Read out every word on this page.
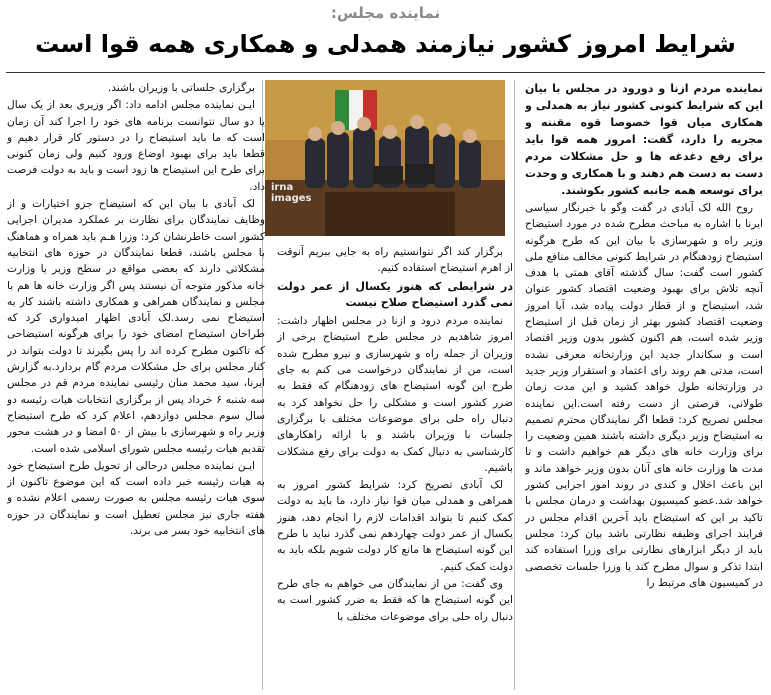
نماینده مجلس:
شرایط امروز کشور نیازمند همدلی و همکاری همه قوا است

نماینده مردم ازنا و دورود در مجلس با بیان این که شرایط کنونی کشور نیاز به همدلی و همکاری میان قوا خصوصا قوه مقننه و مجریه را دارد، گفت: امروز همه قوا باید برای رفع دغدغه ها و حل مشکلات مردم دست به دست هم دهند و با همکاری و وحدت برای توسعه همه جانبه کشور بکوشند.

روح الله لک آبادی در گفت وگو با خبرنگار سیاسی ایرنا با اشاره به مباحث مطرح شده در مورد استیضاح وزیر راه و شهرسازی با بیان این که طرح هرگونه استیضاح زودهنگام در شرایط کنونی مخالف منافع ملی کشور است گفت: سال گذشته آقای همتی با هدف آنچه تلاش برای بهبود وضعیت اقتصاد کشور عنوان شد، استیضاح و از قطار دولت پیاده شد، آیا امروز وضعیت اقتصاد کشور بهتر از زمان قبل از استیضاح وزیر شده است، هم اکنون کشور بدون وزیر اقتصاد است و سکاندار جدید این وزارتخانه معرفی نشده است، مدتی هم روند رای اعتماد و استقرار وزیر جدید در وزارتخانه طول خواهد کشید و این مدت زمان طولانی، فرصتی از دست رفته است.این نماینده مجلس تصریح کرد: قطعا اگر نمایندگان محترم تصمیم به استیضاح وزیر دیگری داشته باشند همین وضعیت را برای وزارت خانه های دیگر هم خواهیم داشت و تا مدت ها وزارت خانه های آنان بدون وزیر خواهد ماند و این باعث اخلال و کندی در روند امور اجرایی کشور خواهد شد.عضو کمیسیون بهداشت و درمان مجلس با تاکید بر این که استیضاح باید آخرین اقدام مجلس در فرایند اجرای وظیفه نظارتی باشد بیان کرد: مجلس باید از دیگر ابزارهای نظارتی برای وزرا استفاده کند ابتدا تذکر و سوال مطرح کند یا وزرا جلسات تخصصی در کمیسیون های مرتبط را

irna
images

برگزار کند اگر نتوانستیم راه به جایی ببریم آنوقت از اهرم استیضاح استفاده کنیم.

در شرایطی که هنوز یکسال از عمر دولت نمی گذرد استیضاح صلاح نیست

نماینده مردم درود و ازنا در مجلس اظهار داشت: امروز شاهدیم در مجلس طرح استیضاح برخی از وزیران از جمله راه و شهرسازی و نیرو مطرح شده است، من از نمایندگان درخواست می کنم به جای طرح این گونه استیضاح های زودهنگام که فقط به ضرر کشور است و مشکلی را حل نخواهد کرد به دنبال راه حلی برای موضوعات مختلف با برگزاری جلسات با وزیران باشند و با ارائه راهکارهای کارشناسی به دنبال کمک به دولت برای رفع مشکلات باشیم.

لک آبادی تصریح کرد: شرایط کشور امروز به همراهی و همدلی میان قوا نیاز دارد، ما باید به دولت کمک کنیم تا بتواند اقدامات لازم را انجام دهد، هنوز یکسال از عمر دولت چهاردهم نمی گذرد نباید با طرح این گونه استیضاح ها مانع کار دولت شویم بلکه باید به دولت کمک کنیم.

وی گفت: من از نمایندگان می خواهم به جای طرح این گونه استیضاح ها که فقط به ضرر کشور است به دنبال راه حلی برای موضوعات مختلف با

برگزاری جلساتی با وزیران باشند.

ایـن نماینده مجلس ادامه داد: اگر وزیری بعد از یک سال یا دو سال نتوانست برنامه های خود را اجرا کند آن زمان است که ما باید استیضاح را در دستور کار قرار دهیم و قطعا باید برای بهبود اوضاع ورود کنیم ولی زمان کنونی برای طرح این استیضاح ها زود است و باید به دولت فرصت داد.

لک آبادی با بیان این که استیضاح جزو اختیارات و از وظایف نمایندگان برای نظارت بر عملکرد مدیران اجرایی کشور است خاطرنشان کرد: وزرا هـم باید همراه و هماهنگ با مجلس باشند، قطعا نمایندگان در حوزه های انتخابیه مشکلاتی دارند که بعضی مواقع در سطح وزیر یا وزارت خانه مذکور متوجه آن نیستند پس اگر وزارت خانه ها هم با مجلس و نمایندگان همراهی و همکاری داشته باشند کار به استیضاح نمی رسد.لک آبادی اظهار امیدواری کرد که طراحان استیضاح امضای خود را برای هرگونه استیضاحی که تاکنون مطرح کرده اند را پس بگیرند تا دولت بتواند در کنار مجلس برای حل مشکلات مردم گام بردارد.به گزارش ایرنا، سید محمد منان رئیسی نماینده مردم قم در مجلس سه شنبه ۶ خرداد پس از برگزاری انتخابات هیات رئیسه دو سال سوم مجلس دوازدهم، اعلام کرد که طرح استیضاح وزیر راه و شهرسازی با بیش از ۵۰ امضا و در هشت محور تقدیم هیات رئیسه مجلس شورای اسلامی شده است.

ایـن نماینده مجلس درحالی از تحویل طرح استیضاح خود به هیات رئیسه خبر داده است که این موضوع تاکنون از سوی هیات رئیسه مجلس به صورت رسمی اعلام نشده و هفته جاری نیز مجلس تعطیل است و نمایندگان در حوزه های انتخابیه خود بسر می برند.
